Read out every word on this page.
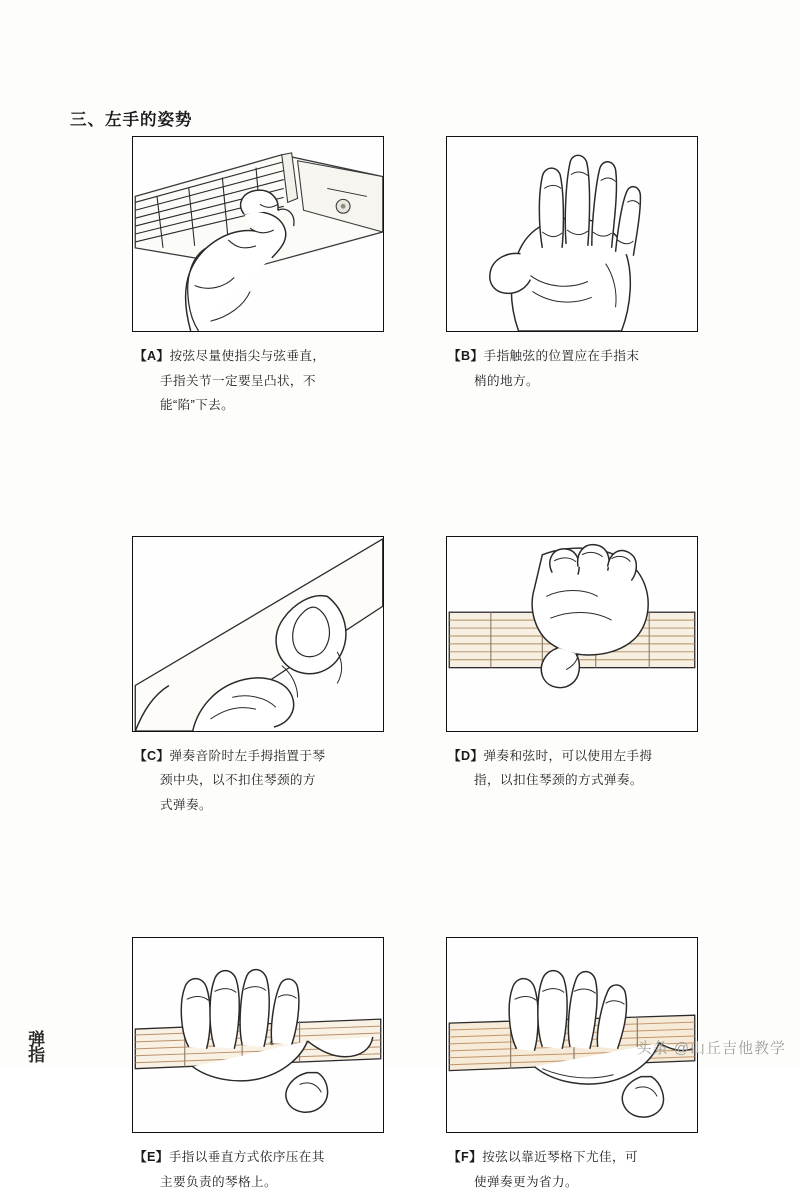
三、左手的姿势
【A】按弦尽量使指尖与弦垂直，
手指关节一定要呈凸状，不
能“陷”下去。
【B】手指触弦的位置应在手指末
梢的地方。
【C】弹奏音阶时左手拇指置于琴
颈中央，以不扣住琴颈的方
式弹奏。
【D】弹奏和弦时，可以使用左手拇
指，以扣住琴颈的方式弹奏。
【E】手指以垂直方式依序压在其
主要负责的琴格上。
【F】按弦以靠近琴格下尤佳，可
使弹奏更为省力。
弹指	头条 @山丘吉他教学
